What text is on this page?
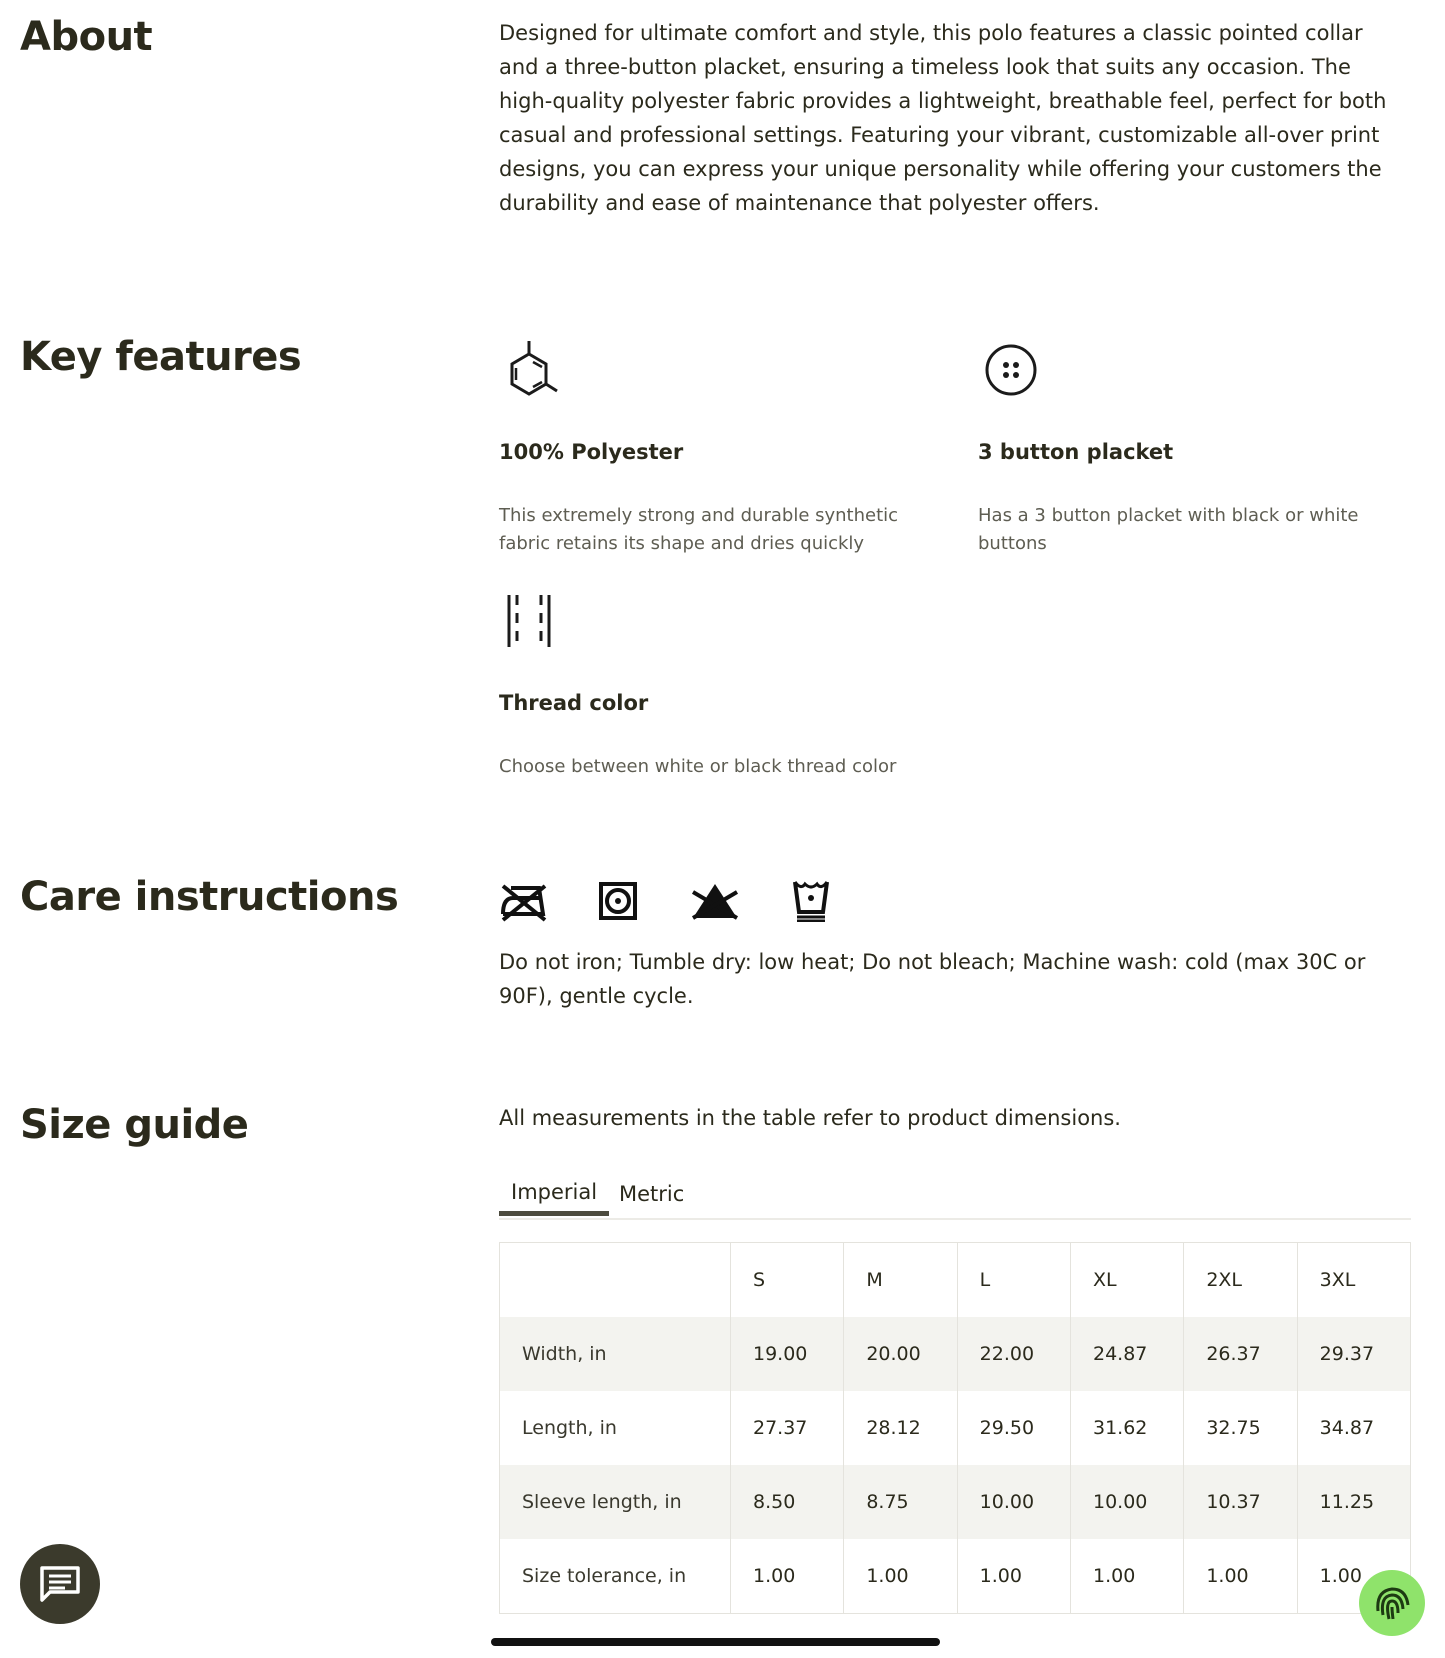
About	Designed for ultimate comfort and style, this polo features a classic pointed collar and a three-button placket, ensuring a timeless look that suits any occasion. The high-quality polyester fabric provides a lightweight, breathable feel, perfect for both casual and professional settings. Featuring your vibrant, customizable all-over print designs, you can express your unique personality while offering your customers the durability and ease of maintenance that polyester offers.

Key features
100% Polyester

This extremely strong and durable synthetic fabric retains its shape and dries quickly

3 button placket

Has a 3 button placket with black or white buttons

Thread color

Choose between white or black thread color

Care instructions

Do not iron; Tumble dry: low heat; Do not bleach; Machine wash: cold (max 30C or 90F), gentle cycle.

Size guide	All measurements in the table refer to product dimensions.

Imperial	Metric
	S	M	L	XL	2XL	3XL
Width, in	19.00	20.00	22.00	24.87	26.37	29.37
Length, in	27.37	28.12	29.50	31.62	32.75	34.87
Sleeve length, in	8.50	8.75	10.00	10.00	10.37	11.25
Size tolerance, in	1.00	1.00	1.00	1.00	1.00	1.00
